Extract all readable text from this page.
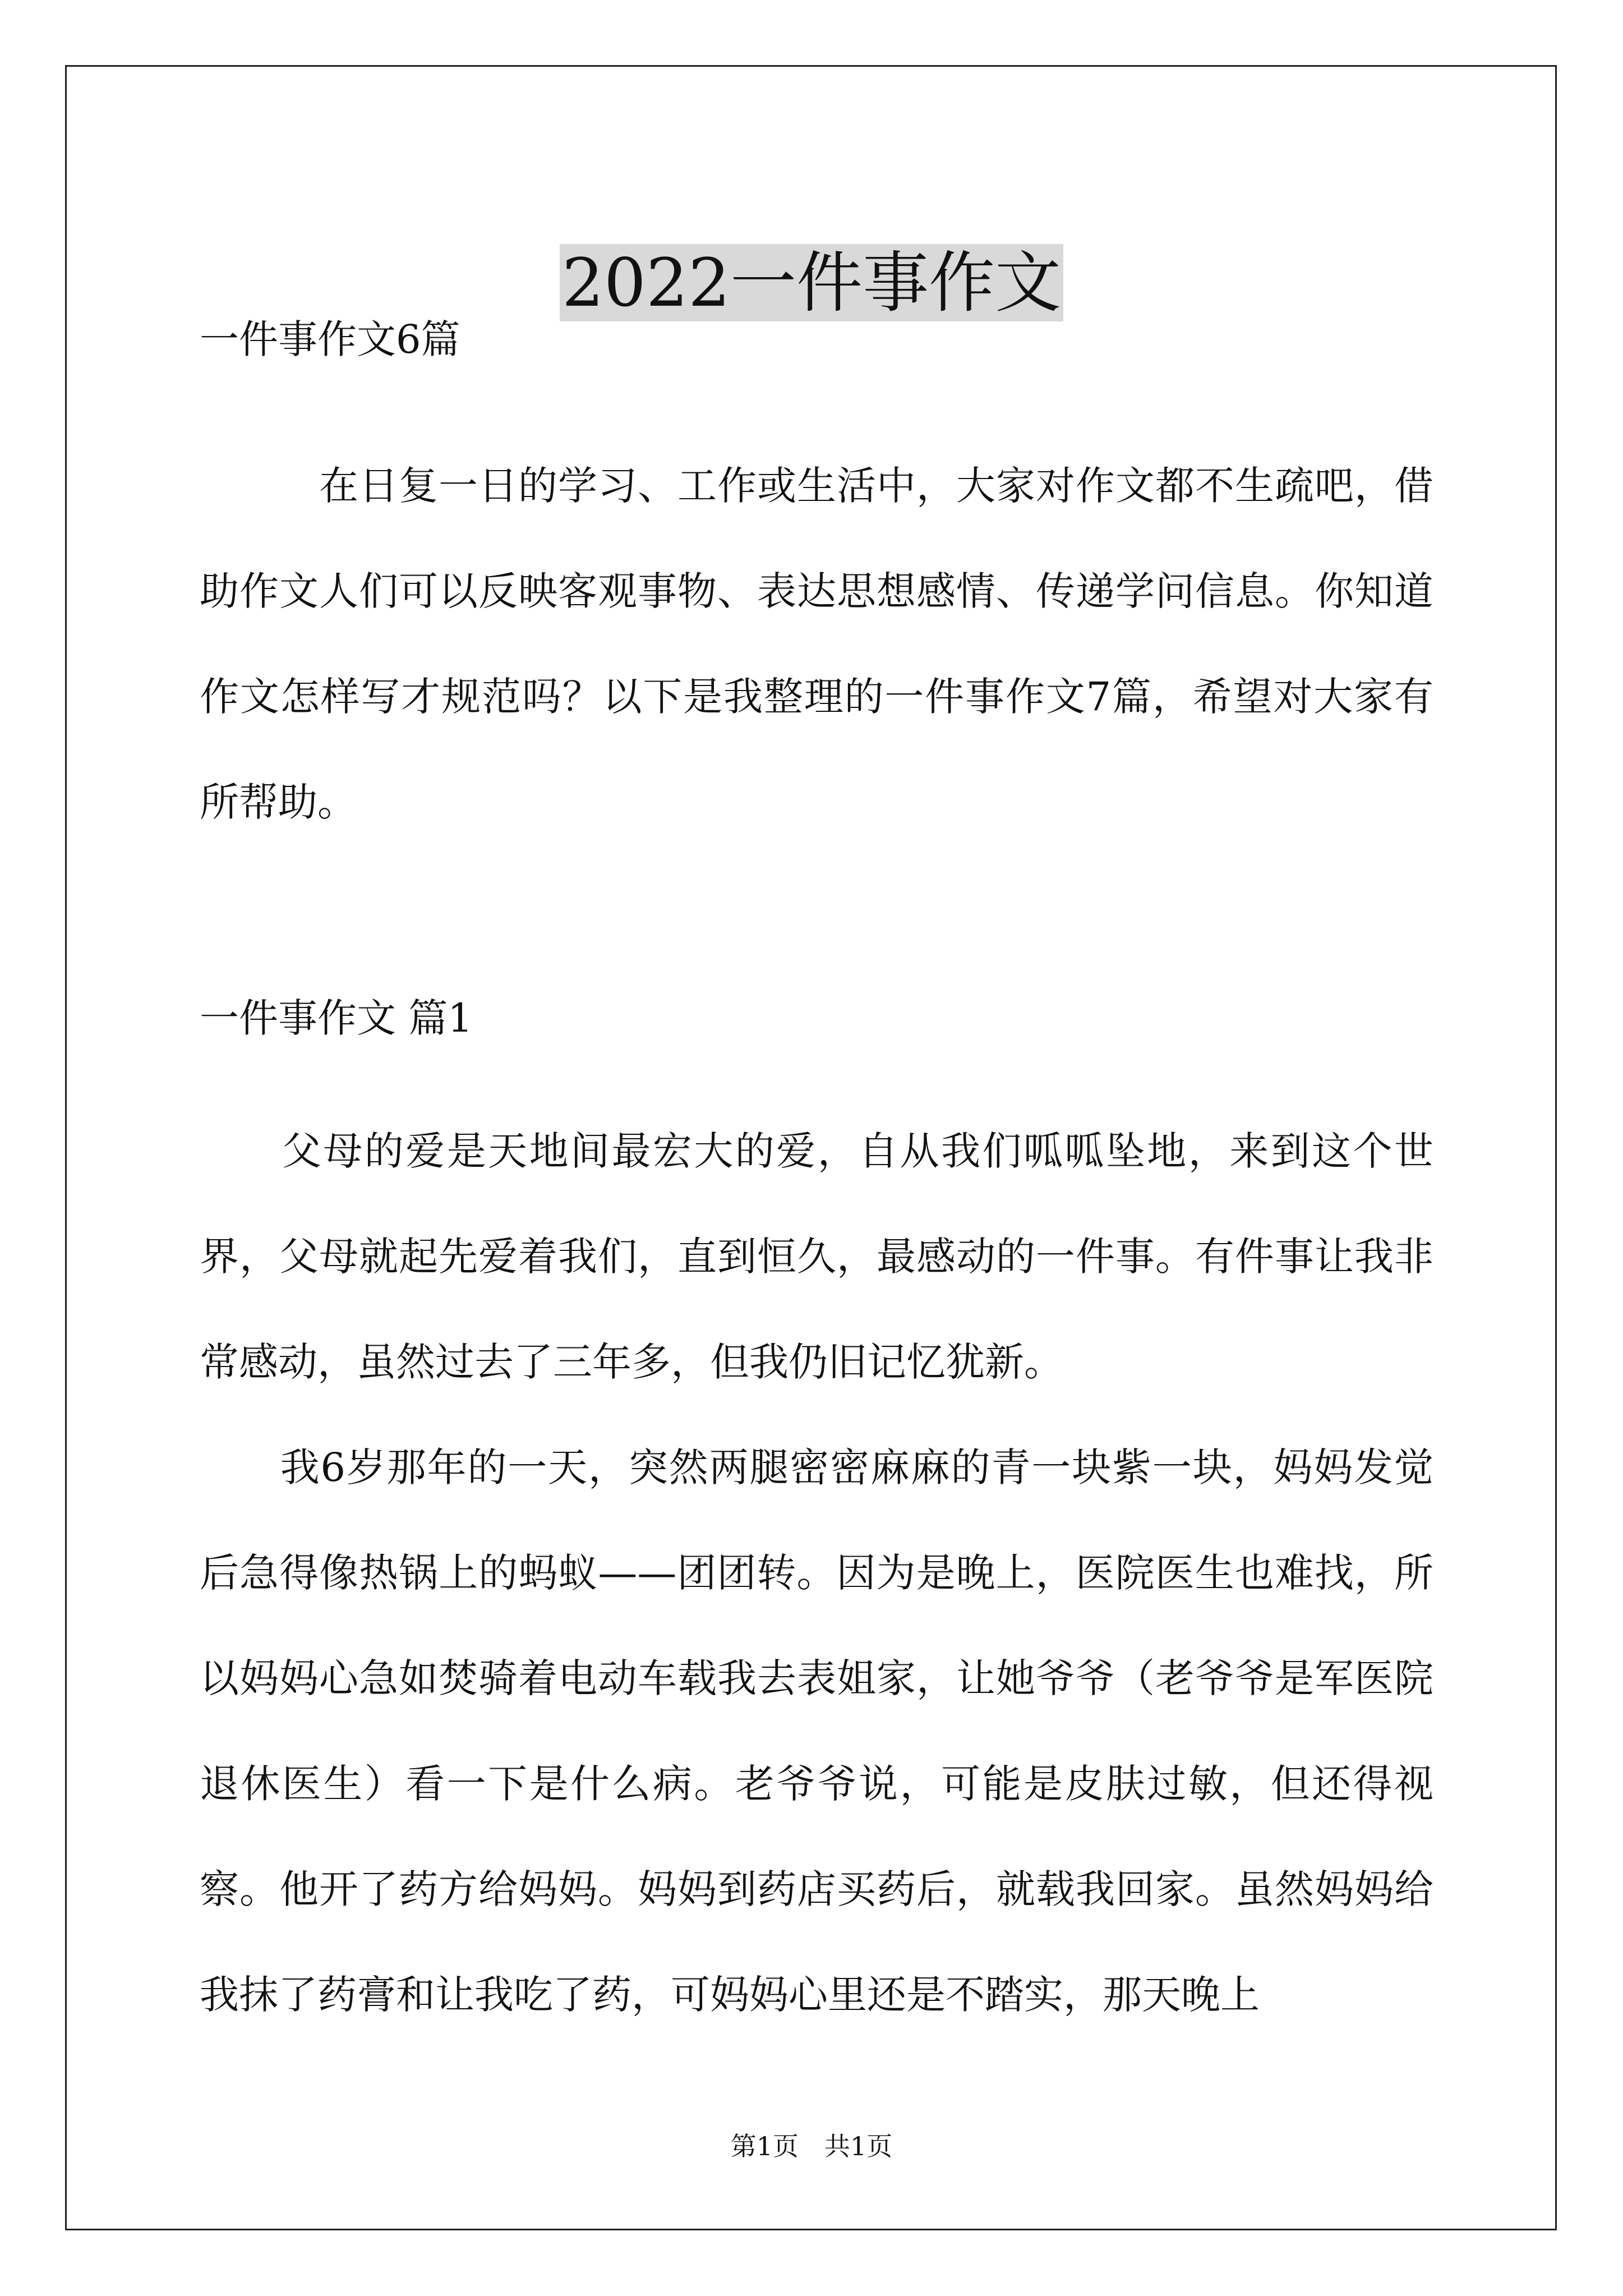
2022一件事作文
一件事作文6篇

　　　在日复一日的学习、工作或生活中，大家对作文都不生疏吧，借助作文人们可以反映客观事物、表达思想感情、传递学问信息。你知道作文怎样写才规范吗？以下是我整理的一件事作文7篇，希望对大家有所帮助。

一件事作文 篇1

　　父母的爱是天地间最宏大的爱，自从我们呱呱坠地，来到这个世界，父母就起先爱着我们，直到恒久，最感动的一件事。有件事让我非常感动，虽然过去了三年多，但我仍旧记忆犹新。

　　我6岁那年的一天，突然两腿密密麻麻的青一块紫一块，妈妈发觉后急得像热锅上的蚂蚁——团团转。因为是晚上，医院医生也难找，所以妈妈心急如焚骑着电动车载我去表姐家，让她爷爷（老爷爷是军医院退休医生）看一下是什么病。老爷爷说，可能是皮肤过敏，但还得视察。他开了药方给妈妈。妈妈到药店买药后，就载我回家。虽然妈妈给我抹了药膏和让我吃了药，可妈妈心里还是不踏实，那天晚上

第1页　共1页
